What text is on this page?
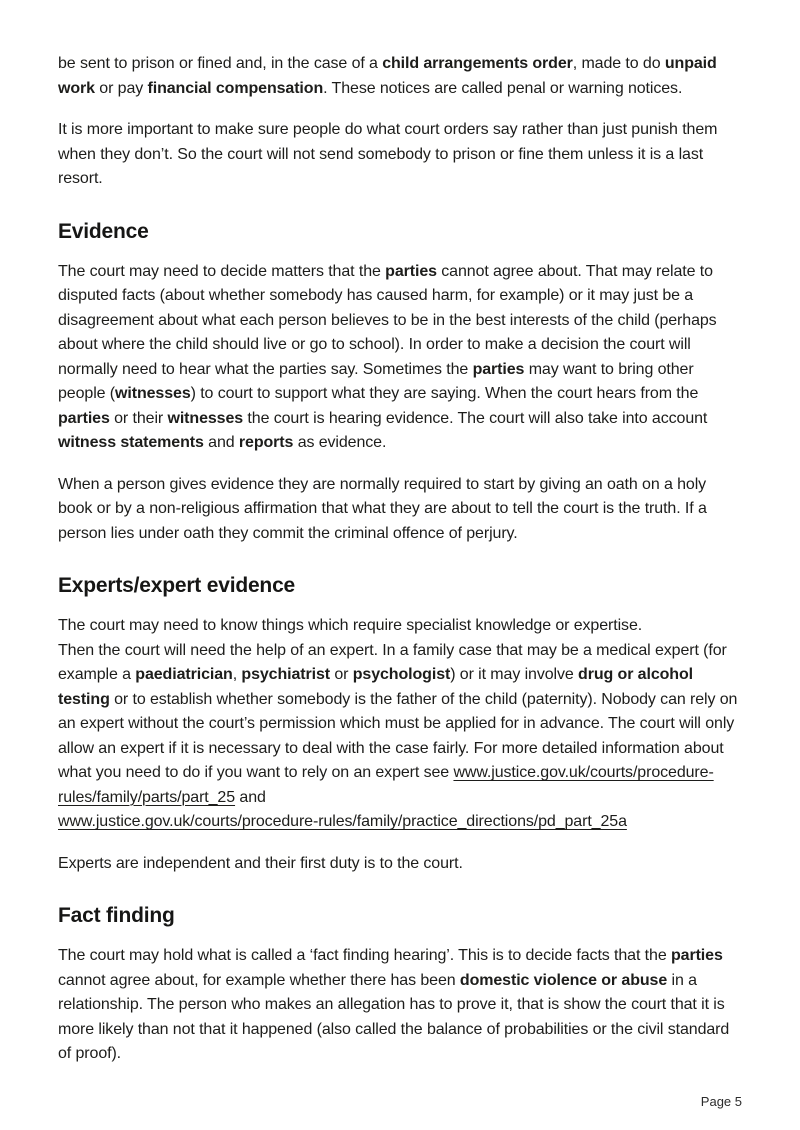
be sent to prison or fined and, in the case of a child arrangements order, made to do unpaid work or pay financial compensation. These notices are called penal or warning notices.

It is more important to make sure people do what court orders say rather than just punish them when they don’t. So the court will not send somebody to prison or fine them unless it is a last resort.

Evidence

The court may need to decide matters that the parties cannot agree about. That may relate to disputed facts (about whether somebody has caused harm, for example) or it may just be a disagreement about what each person believes to be in the best interests of the child (perhaps about where the child should live or go to school). In order to make a decision the court will normally need to hear what the parties say. Sometimes the parties may want to bring other people (witnesses) to court to support what they are saying. When the court hears from the parties or their witnesses the court is hearing evidence. The court will also take into account witness statements and reports as evidence.

When a person gives evidence they are normally required to start by giving an oath on a holy book or by a non-religious affirmation that what they are about to tell the court is the truth. If a person lies under oath they commit the criminal offence of perjury.

Experts/expert evidence

The court may need to know things which require specialist knowledge or expertise.
Then the court will need the help of an expert. In a family case that may be a medical expert (for example a paediatrician, psychiatrist or psychologist) or it may involve drug or alcohol testing or to establish whether somebody is the father of the child (paternity). Nobody can rely on an expert without the court’s permission which must be applied for in advance. The court will only allow an expert if it is necessary to deal with the case fairly. For more detailed information about what you need to do if you want to rely on an expert see www.justice.gov.uk/courts/procedure-rules/family/parts/part_25 and
www.justice.gov.uk/courts/procedure-rules/family/practice_directions/pd_part_25a

Experts are independent and their first duty is to the court.

Fact finding

The court may hold what is called a ‘fact finding hearing’. This is to decide facts that the parties cannot agree about, for example whether there has been domestic violence or abuse in a relationship. The person who makes an allegation has to prove it, that is show the court that it is more likely than not that it happened (also called the balance of probabilities or the civil standard of proof).

Page 5
